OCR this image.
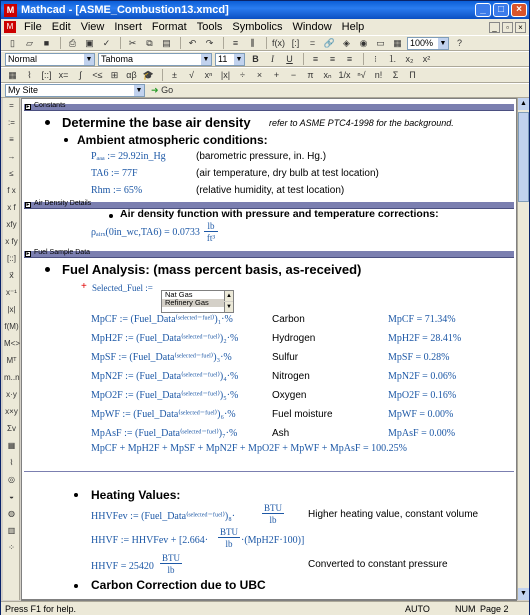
M Mathcad - [ASME_Combustion13.xmcd]	_	□	×
M File Edit View Insert Format Tools Symbolics Window Help	_	▫	×
▯	▱	■	⎙	▣ ✓	✂	⧉	▤	↶	↷	≡	⫼	f(x) [:]	= 🔗 ◈	◉ ▭ ▦ 100% ▼	?
Normal	▼ Tahoma	▼ 11 ▼	B	I	U	≡	≡	≡	⁝	⒈ x₂	x²
▦	⌇	[::] x=	∫	<≤ ⊞ αβ 🎓	±	√	xⁿ |x|	÷	×	+	−	π	xₙ 1/x ⁿ√	n!	Σ	Π
My Site	▼ ➜ Go
=
:=
≡
→
≤
f x
x f
xfy
x fy
[::]
x⃗
x⁻¹
|x|
f(M)
M<>
Mᵀ
m..n
x·y
x×y
Σv
▦
⌇
◎
◒
◍
▥
⁘
▸ Constants
Determine the base air density refer to ASME PTC4-1998 for the background.
Ambient atmospheric conditions:
Pₐₐₐ := 29.92in_Hg	(barometric pressure, in. Hg.)
TA6 := 77F	(air temperature, dry bulb at test location)
Rhm := 65%	(relative humidity, at test location)
▸ Air Density Details
Air density function with pressure and temperature corrections:
ρₐᵢᵣₓ(0in_wc,TA6) = 0.0733
lb
ft³
▸ Fuel Sample Data
Fuel Analysis: (mass percent basis, as-received)
+ Selected_Fuel :=
Nat Gas
Refinery Gas
▲
▼
MpCF := (Fuel_Data⁽ˢᵉˡᵉᶜᵗᵉᵈ⁻ᶠᵘᵉˡ⁾)₁·%	Carbon	MpCF = 71.34%
MpH2F := (Fuel_Data⁽ˢᵉˡᵉᶜᵗᵉᵈ⁻ᶠᵘᵉˡ⁾)₂·%	Hydrogen	MpH2F = 28.41%
MpSF := (Fuel_Data⁽ˢᵉˡᵉᶜᵗᵉᵈ⁻ᶠᵘᵉˡ⁾)₃·%	Sulfur	MpSF = 0.28%
MpN2F := (Fuel_Data⁽ˢᵉˡᵉᶜᵗᵉᵈ⁻ᶠᵘᵉˡ⁾)₄·%	Nitrogen	MpN2F = 0.06%
MpO2F := (Fuel_Data⁽ˢᵉˡᵉᶜᵗᵉᵈ⁻ᶠᵘᵉˡ⁾)₅·%	Oxygen	MpO2F = 0.16%
MpWF := (Fuel_Data⁽ˢᵉˡᵉᶜᵗᵉᵈ⁻ᶠᵘᵉˡ⁾)₆·%	Fuel moisture	MpWF = 0.00%
MpAsF := (Fuel_Data⁽ˢᵉˡᵉᶜᵗᵉᵈ⁻ᶠᵘᵉˡ⁾)₇·%	Ash	MpAsF = 0.00%
MpCF + MpH2F + MpSF + MpN2F + MpO2F + MpWF + MpAsF = 100.25%
Heating Values:
HHVFev := (Fuel_Data⁽ˢᵉˡᵉᶜᵗᵉᵈ⁻ᶠᵘᵉˡ⁾)₈·
BTU
lb	Higher heating value, constant volume
HHVF := HHVFev + [2.664·
BTU
lb ·(MpH2F·100)]
HHVF = 25420
BTU
lb	Converted to constant pressure
Carbon Correction due to UBC
▲
▼
Press F1 for help.	AUTO	NUM Page 2
